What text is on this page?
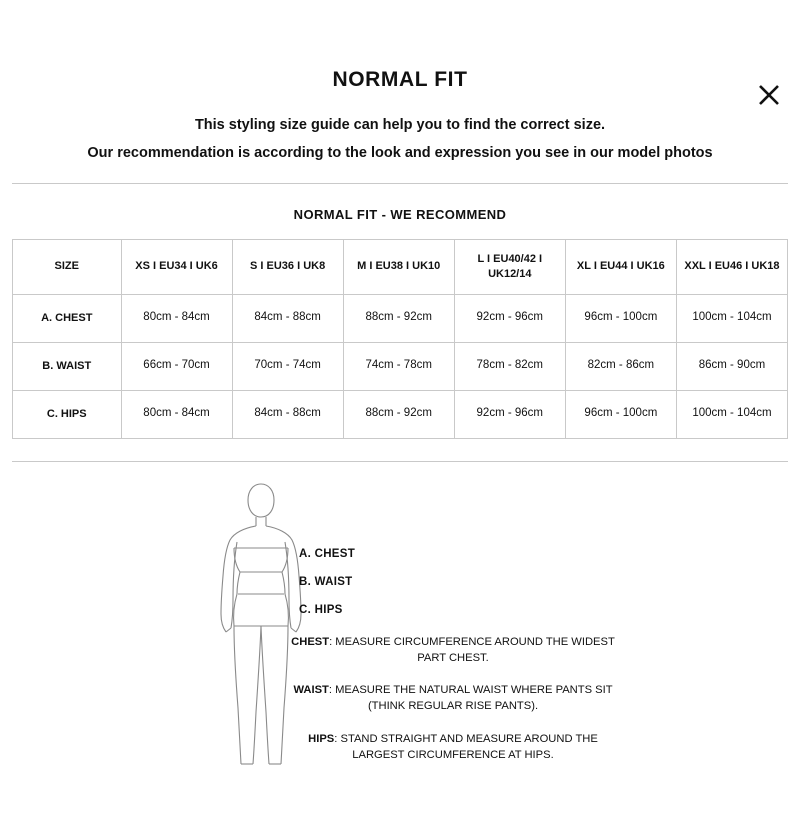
NORMAL FIT

This styling size guide can help you to find the correct size.

Our recommendation is according to the look and expression you see in our model photos

NORMAL FIT - WE RECOMMEND
SIZE	XS I EU34 I UK6	S I EU36 I UK8	M I EU38 I UK10	L I EU40/42 I UK12/14	XL I EU44 I UK16	XXL I EU46 I UK18
A. CHEST	80cm - 84cm	84cm - 88cm	88cm - 92cm	92cm - 96cm	96cm - 100cm	100cm - 104cm
B. WAIST	66cm - 70cm	70cm - 74cm	74cm - 78cm	78cm - 82cm	82cm - 86cm	86cm - 90cm
C. HIPS	80cm - 84cm	84cm - 88cm	88cm - 92cm	92cm - 96cm	96cm - 100cm	100cm - 104cm
A. CHEST
B. WAIST
C. HIPS

CHEST: MEASURE CIRCUMFERENCE AROUND THE WIDEST PART CHEST.

WAIST: MEASURE THE NATURAL WAIST WHERE PANTS SIT (THINK REGULAR RISE PANTS).

HIPS: STAND STRAIGHT AND MEASURE AROUND THE LARGEST CIRCUMFERENCE AT HIPS.
